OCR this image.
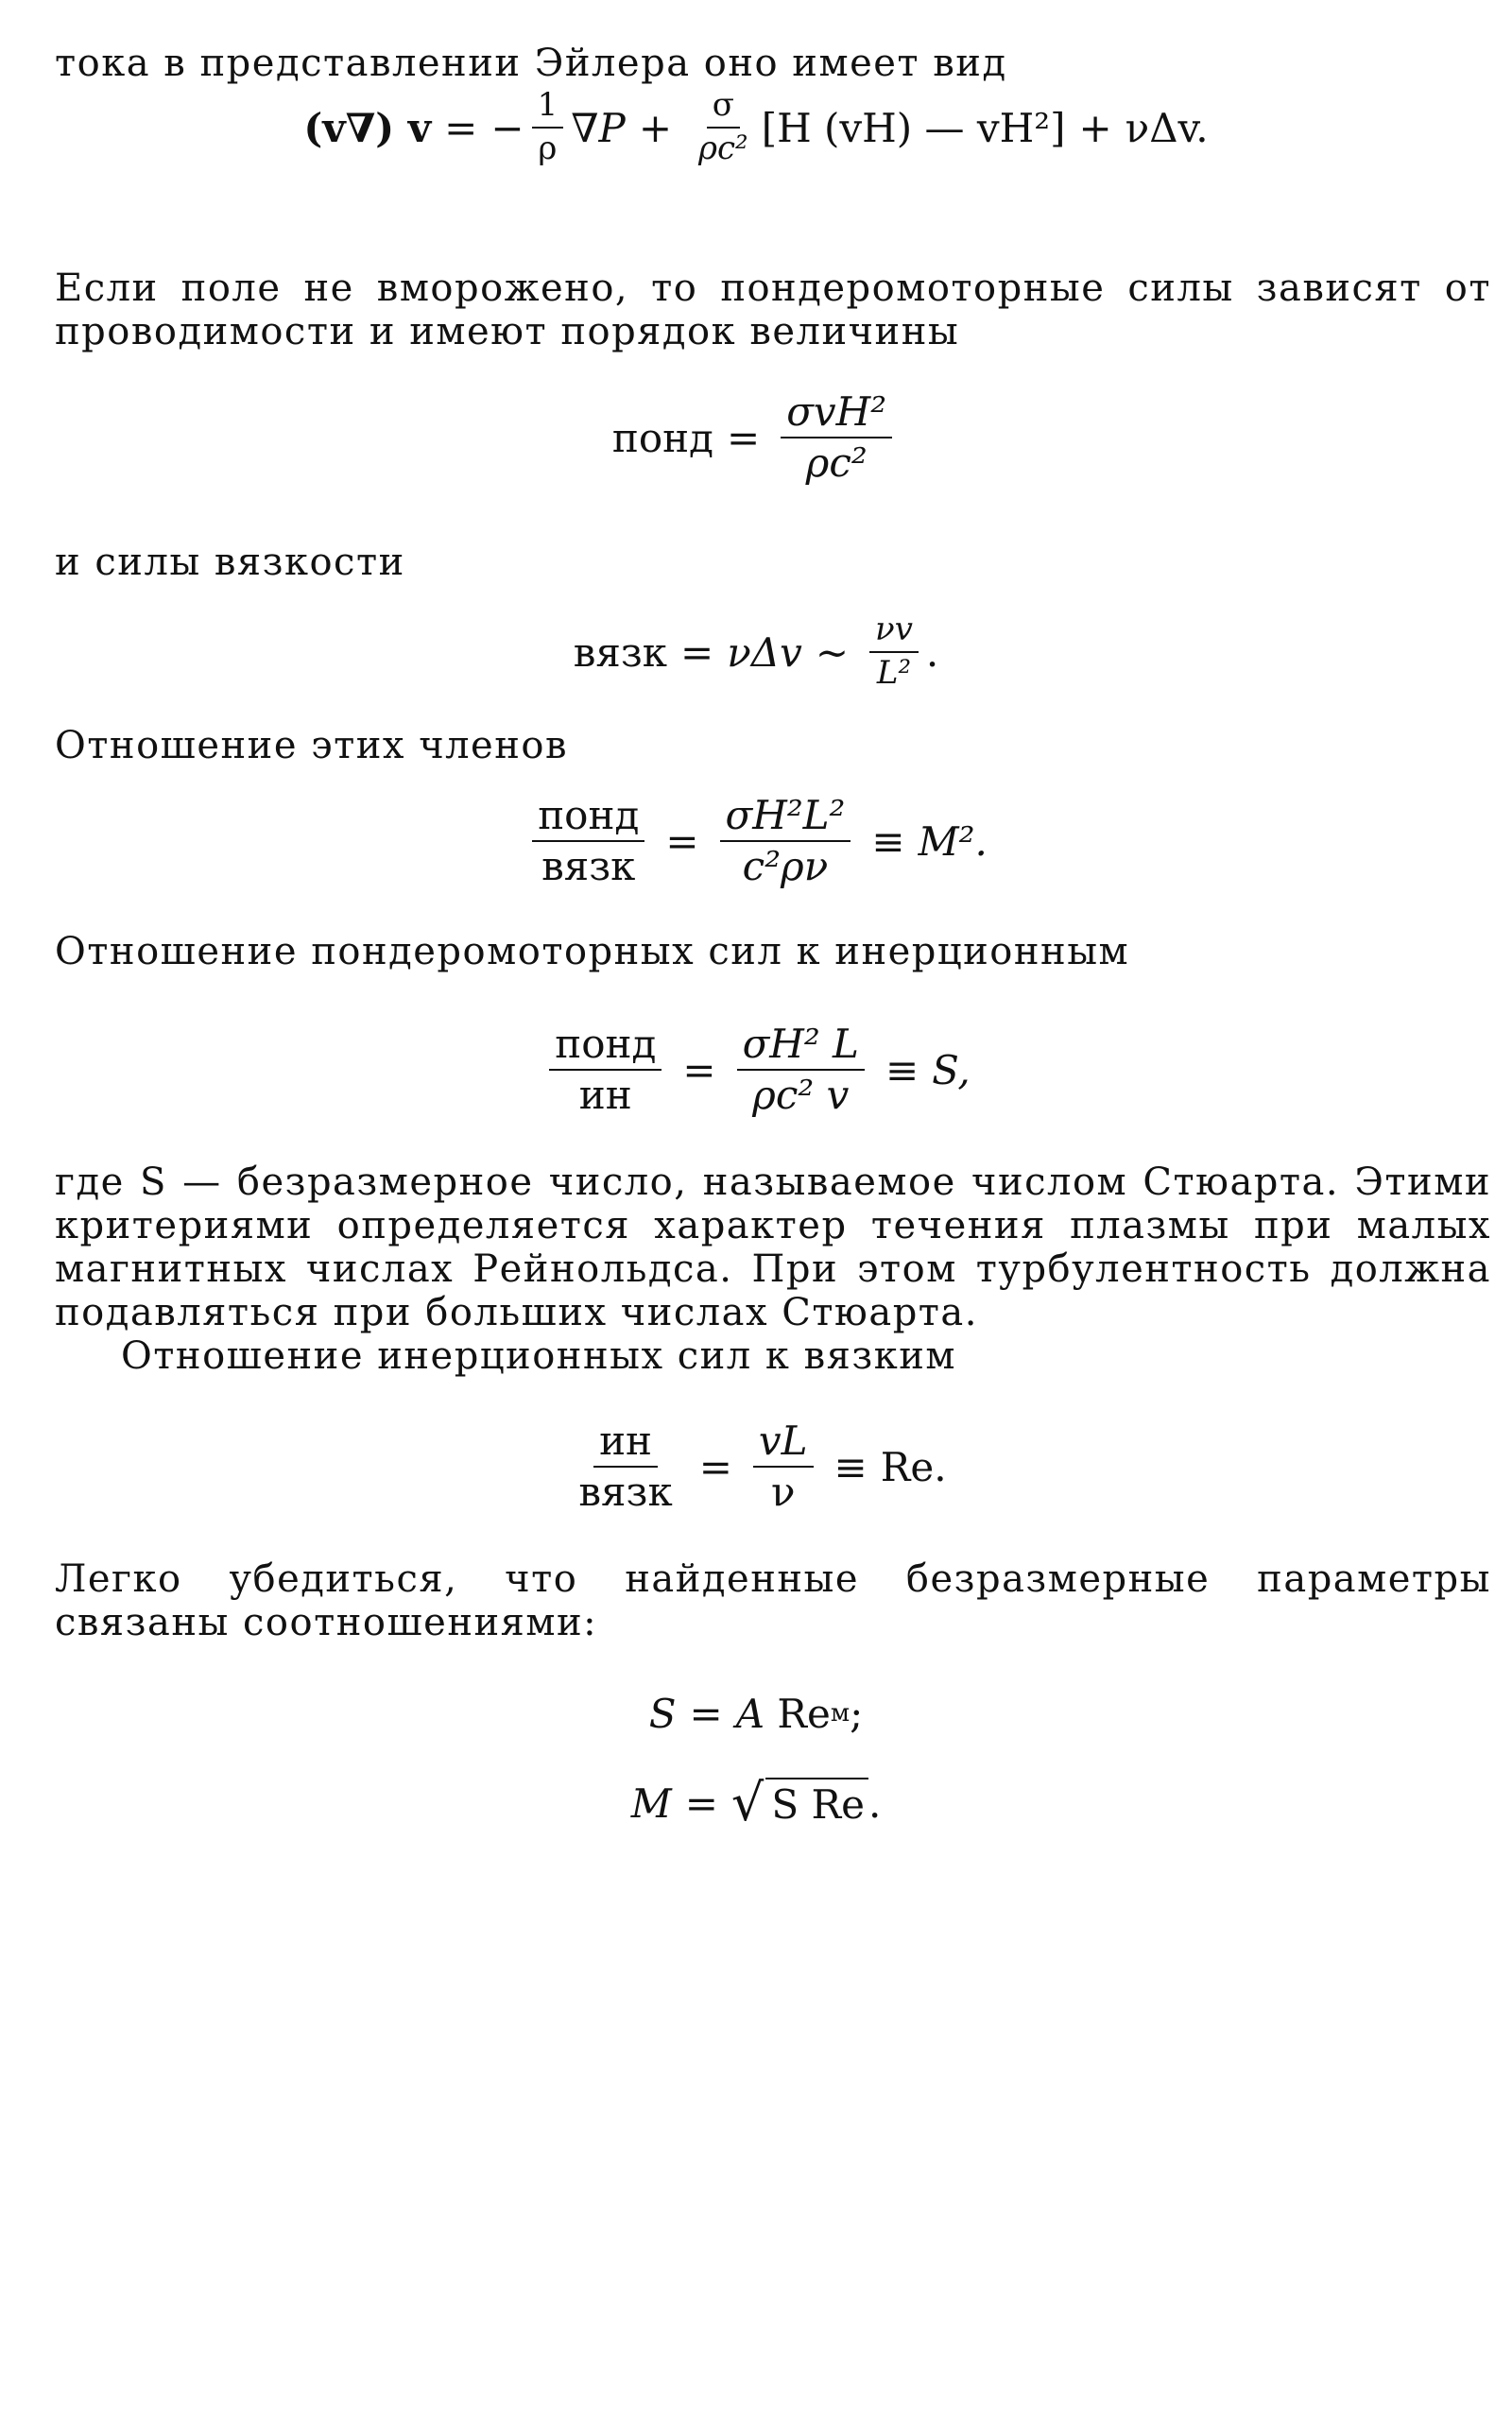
тока в представлении Эйлера оно имеет вид

(v∇) v = − $\frac{1}{\rho} \nabla P + \frac{\sigma}{\text{ρc²}} [H$ (vH) — vH²] + νΔv.

Если поле не вморожено, то пондеромоторные силы зависят от проводимости и имеют порядок величины

понд = $\frac{\text{σvH²}}{\text{ρc²}}$

и силы вязкости

вязк = νΔv ~ $\frac{\nu v}{\text{L²}}$ .

Отношение этих членов

$\frac{\text{понд}}{\text{вязк}} = \frac{\text{σH²L²}}{\text{c²ρν}} \equiv M^2$.

Отношение пондеромоторных сил к инерционным

$\frac{\text{понд}}{ин} = \frac{\text{σH² L}}{\text{ρc² v}} \equiv S$,

где S — безразмерное число, называемое числом Стюарта. Этими критериями определяется характер течения плазмы при малых магнитных числах Рейнольдса. При этом турбулентность должна подавляться при больших числах Стюарта.

Отношение инерционных сил к вязким

$\frac{ин}{\text{вязк}} = \frac{vL}{\nu} \equiv Re$.

Легко убедиться, что найденные безразмерные параметры связаны соотношениями:

S = A
Re м ;
M = √ S Re .
